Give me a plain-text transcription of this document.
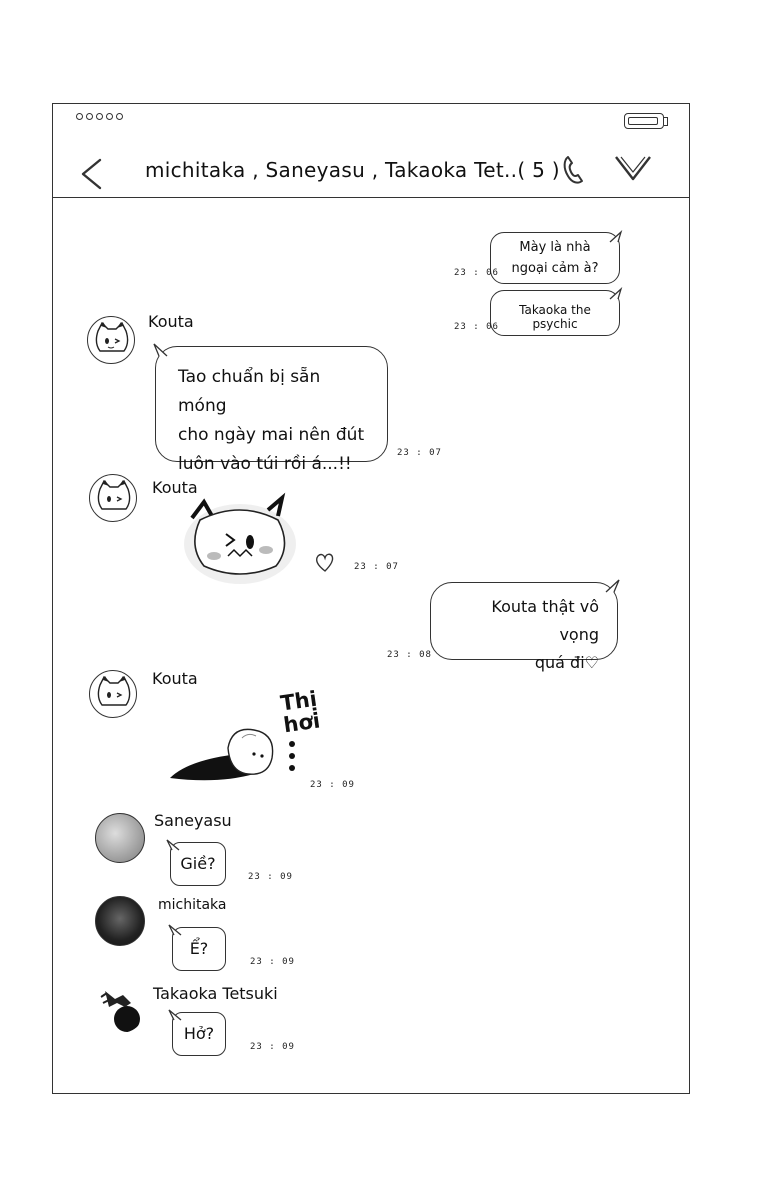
michitaka , Saneyasu , Takaoka Tet..( 5 )
Mày là nhà
ngoại cảm à?
23 : 06
Takaoka the psychic
23 : 06
Kouta
Tao chuẩn bị sẵn móng
cho ngày mai nên đút
luôn vào túi rồi á...!!
23 : 07
Kouta
23 : 07
Kouta thật vô vọng
quá đi♡
23 : 08
Kouta
Thị
hơi
23 : 09
Saneyasu
Giề?
23 : 09
michitaka
Ể?
23 : 09
Takaoka Tetsuki
Hở?
23 : 09
